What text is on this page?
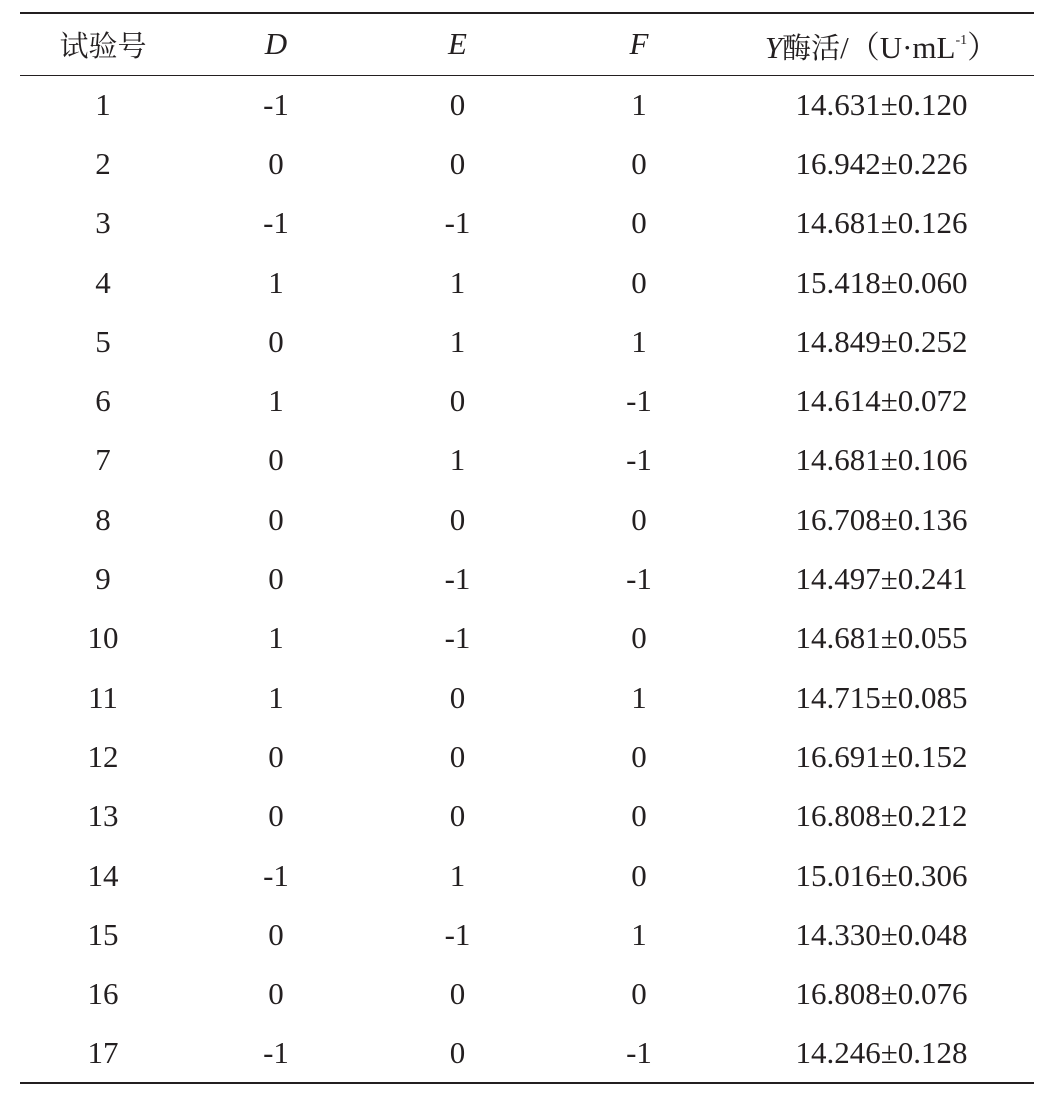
试验号	D	E	F	Y酶活$/(U\cdot mL^{-1})$
1	-1	0	1	14.631±0.120
2	0	0	0	16.942±0.226
3	-1	-1	0	14.681±0.126
4	1	1	0	15.418±0.060
5	0	1	1	14.849±0.252
6	1	0	-1	14.614±0.072
7	0	1	-1	14.681±0.106
8	0	0	0	16.708±0.136
9	0	-1	-1	14.497±0.241
10	1	-1	0	14.681±0.055
11	1	0	1	14.715±0.085
12	0	0	0	16.691±0.152
13	0	0	0	16.808±0.212
14	-1	1	0	15.016±0.306
15	0	-1	1	14.330±0.048
16	0	0	0	16.808±0.076
17	-1	0	-1	14.246±0.128
